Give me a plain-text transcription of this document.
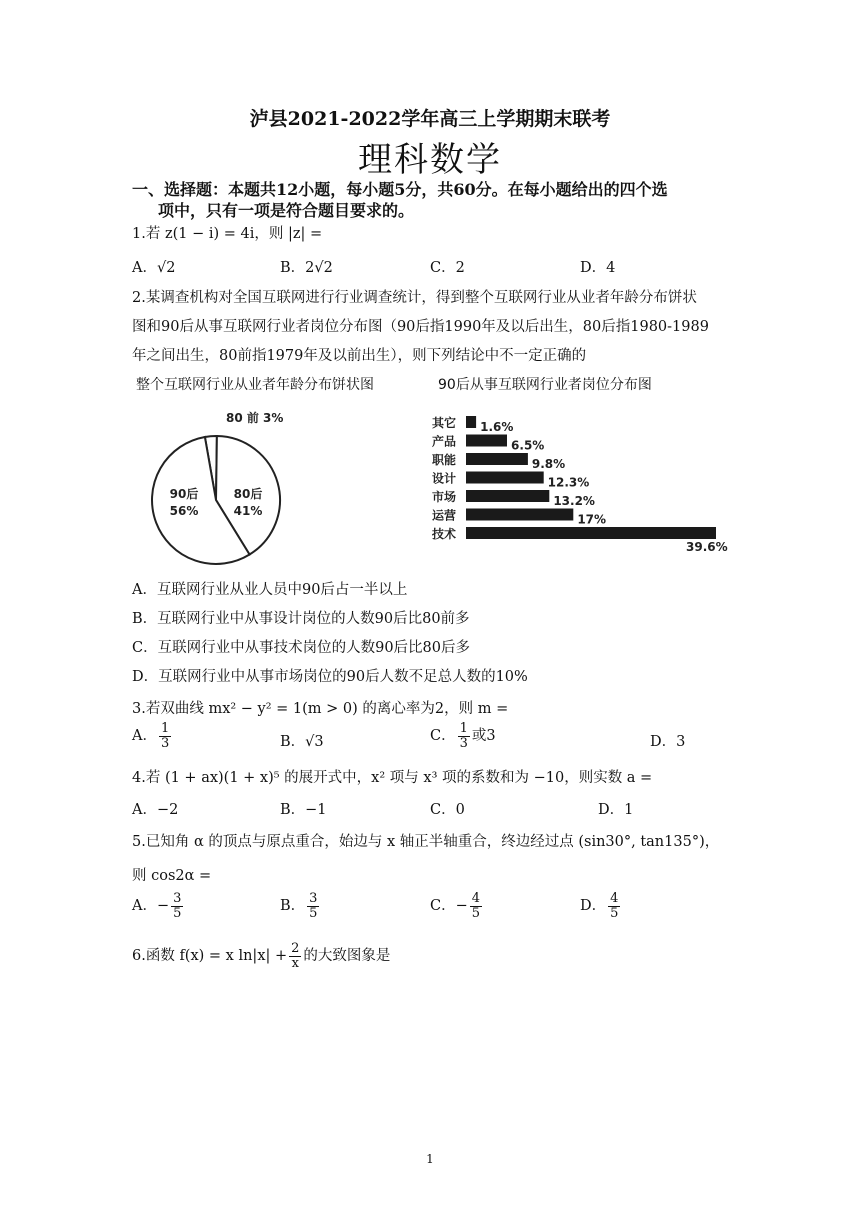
泸县2021-2022学年高三上学期期末联考
理科数学
一、选择题：本题共12小题，每小题5分，共60分。在每小题给出的四个选
项中，只有一项是符合题目要求的。
1.若 z(1 − i) = 4i，则 |z| =
A．√2	B．2√2	C．2	D．4
2.某调查机构对全国互联网进行行业调查统计，得到整个互联网行业从业者年龄分布饼状
图和90后从事互联网行业者岗位分布图（90后指1990年及以后出生，80后指1980-1989
年之间出生，80前指1979年及以前出生），则下列结论中不一定正确的
整个互联网行业从业者年龄分布饼状图	90后从事互联网行业者岗位分布图
80 前 3%
80后
41%
90后
56%
其它 1.6%
产品	6.5%
职能	9.8%
设计	12.3%
市场	13.2%
运营	17%
技术
39.6%
A．互联网行业从业人员中90后占一半以上
B．互联网行业中从事设计岗位的人数90后比80前多
C．互联网行业中从事技术岗位的人数90后比80后多
D．互联网行业中从事市场岗位的90后人数不足总人数的10%
3.若双曲线 mx² − y² = 1(m > 0) 的离心率为2，则 m =
A． $\frac{1}{3}$	B．√3	C． $\frac{1}{3}$ 或3	D．3
4.若 (1 + ax)(1 + x)⁵ 的展开式中，x² 项与 x³ 项的系数和为 −10，则实数 a =
A．−2	B．−1	C．0	D．1
5.已知角 α 的顶点与原点重合，始边与 x 轴正半轴重合，终边经过点 (sin30°, tan135°)，
则 cos2α =
A．− $\frac{3}{5}$	B． $\frac{3}{5}$	C．− $\frac{4}{5}$	D． $\frac{4}{5}$
6.函数 f(x) = x $\ln|x| + \frac{2}{x}$ 的大致图象是
1
